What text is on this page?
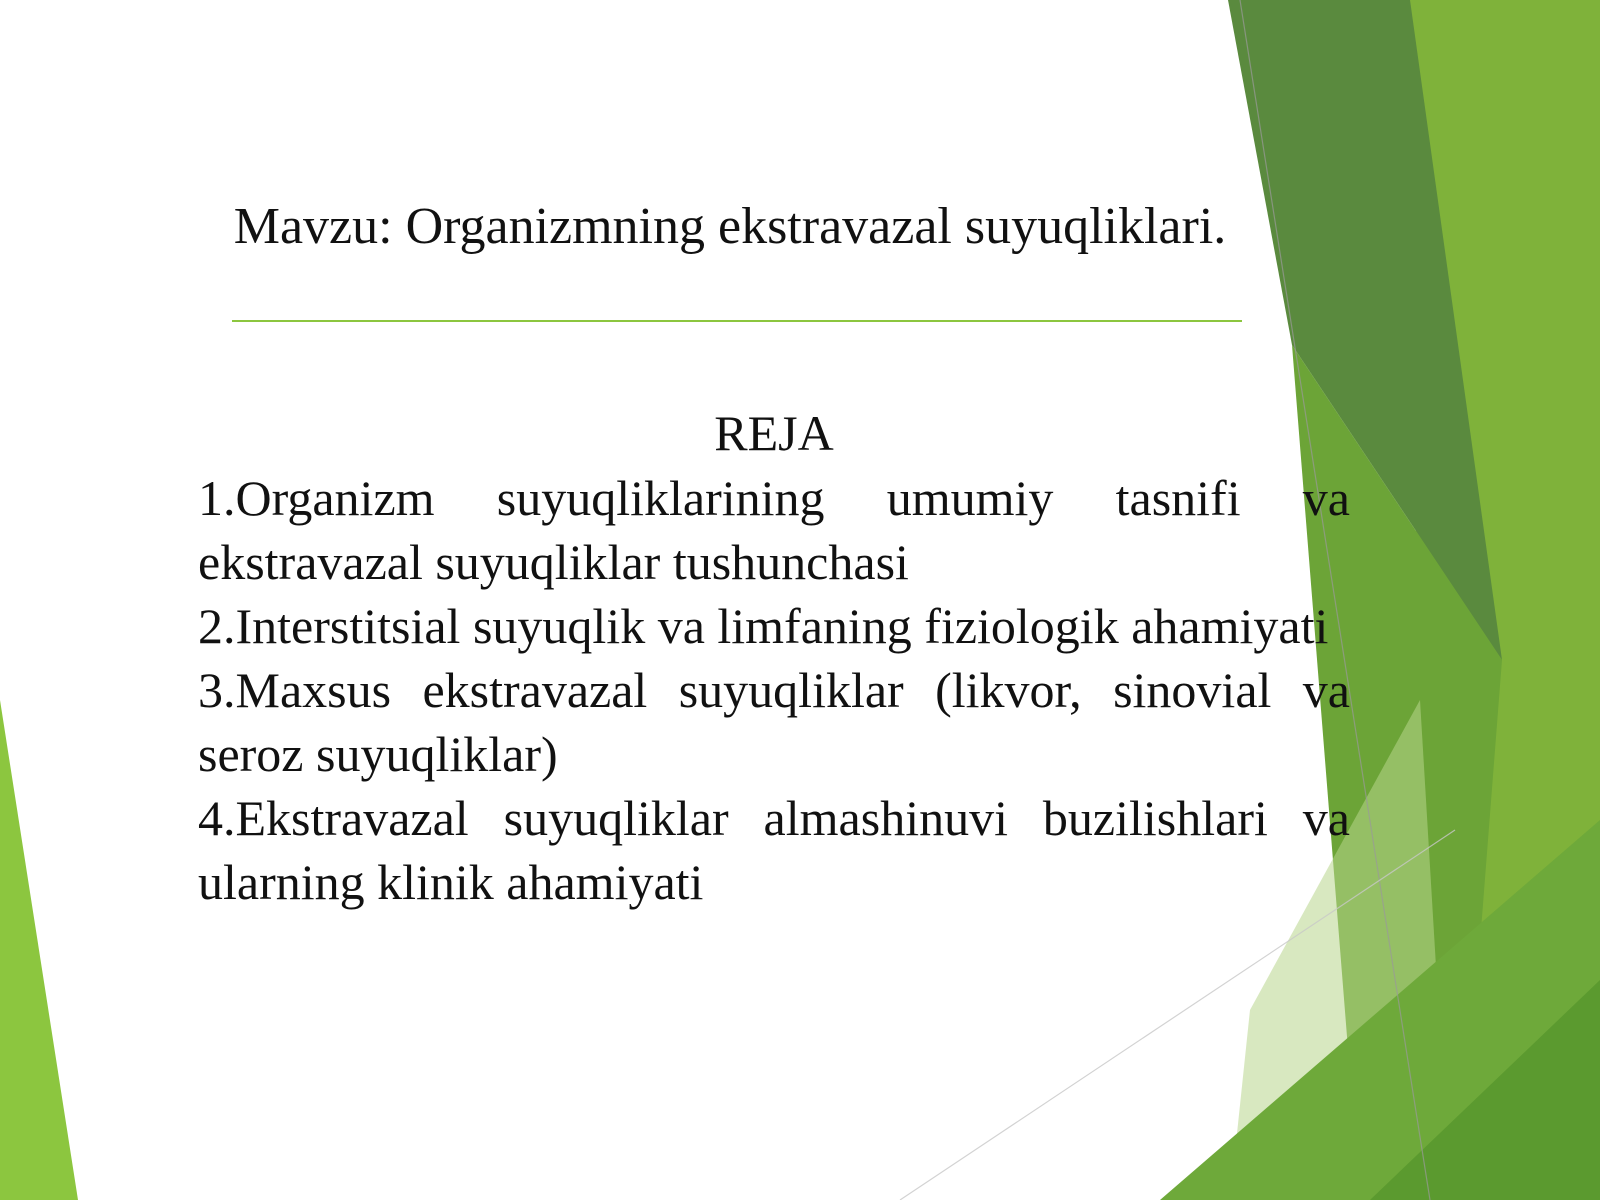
Mavzu: Organizmning ekstravazal suyuqliklari.
REJA
1.Organizm suyuqliklarining umumiy tasnifi va ekstravazal suyuqliklar tushunchasi
2.Interstitsial suyuqlik va limfaning fiziologik ahamiyati
3.Maxsus ekstravazal suyuqliklar (likvor, sinovial va seroz suyuqliklar)
4.Ekstravazal suyuqliklar almashinuvi buzilishlari va ularning klinik ahamiyati
